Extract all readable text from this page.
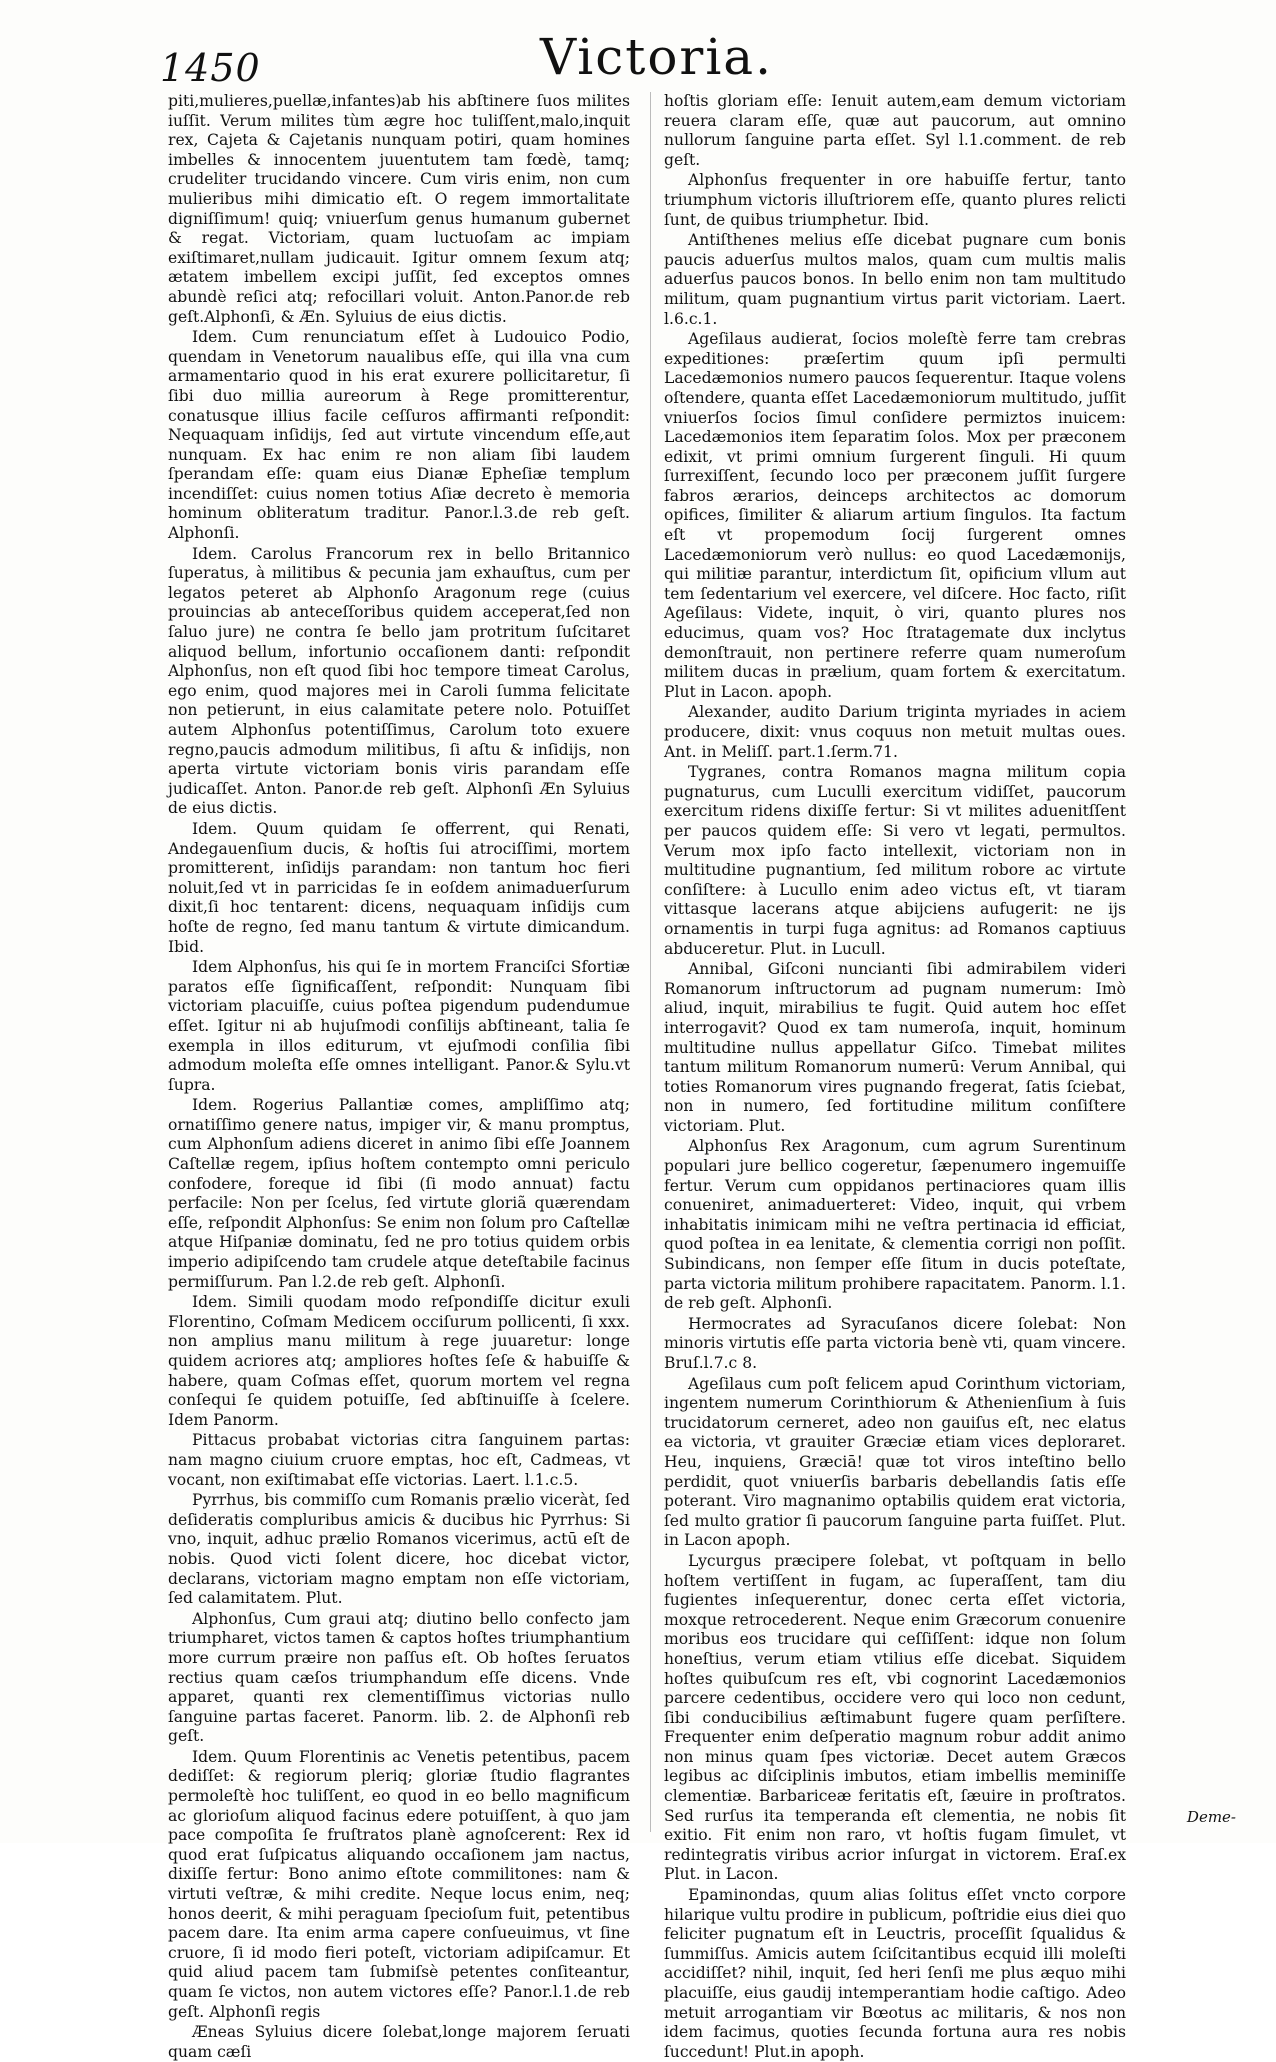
1450	Victoria.

piti,mulieres,puellæ,infantes)ab his abſtinere ſuos milites iuſſit. Verum milites tùm ægre hoc tuliſſent,malo,inquit rex, Cajeta & Cajetanis nunquam potiri, quam homines imbelles & innocentem juuentutem tam fœdè, tamq; crudeliter trucidando vincere. Cum viris enim, non cum mulieribus mihi dimicatio eſt. O regem immortalitate digniſſimum! quiq; vniuerſum genus humanum gubernet & regat. Victoriam, quam luctuoſam ac impiam exiſtimaret,nullam judicauit. Igitur omnem ſexum atq; ætatem imbellem excipi juſſit, ſed exceptos omnes abundè reſici atq; refocillari voluit. Anton.Panor.de reb geſt.Alphonſi, & Æn. Syluius de eius dictis.

Idem. Cum renunciatum eſſet à Ludouico Podio, quendam in Venetorum naualibus eſſe, qui illa vna cum armamentario quod in his erat exurere pollicitaretur, ſi ſibi duo millia aureorum à Rege promitterentur, conatusque illius facile ceſſuros affirmanti reſpondit: Nequaquam inſidijs, ſed aut virtute vincendum eſſe,aut nunquam. Ex hac enim re non aliam ſibi laudem ſperandam eſſe: quam eius Dianæ Epheſiæ templum incendiſſet: cuius nomen totius Aſiæ decreto è memoria hominum obliteratum traditur. Panor.l.3.de reb geſt. Alphonſi.

Idem. Carolus Francorum rex in bello Britannico ſuperatus, à militibus & pecunia jam exhauſtus, cum per legatos peteret ab Alphonſo Aragonum rege (cuius prouincias ab anteceſſoribus quidem acceperat,ſed non ſaluo jure) ne contra ſe bello jam protritum ſuſcitaret aliquod bellum, infortunio occaſionem danti: reſpondit Alphonſus, non eſt quod ſibi hoc tempore timeat Carolus, ego enim, quod majores mei in Caroli ſumma felicitate non petierunt, in eius calamitate petere nolo. Potuiſſet autem Alphonſus potentiſſimus, Carolum toto exuere regno,paucis admodum militibus, ſi aſtu & inſidijs, non aperta virtute victoriam bonis viris parandam eſſe judicaſſet. Anton. Panor.de reb geſt. Alphonſi Æn Syluius de eius dictis.

Idem. Quum quidam ſe offerrent, qui Renati, Andegauenſium ducis, & hoſtis ſui atrociſſimi, mortem promitterent, inſidijs parandam: non tantum hoc fieri noluit,ſed vt in parricidas ſe in eoſdem animaduerſurum dixit,ſi hoc tentarent: dicens, nequaquam inſidijs cum hoſte de regno, ſed manu tantum & virtute dimicandum. Ibid.

Idem Alphonſus, his qui ſe in mortem Franciſci Sfortiæ paratos eſſe ſignificaſſent, reſpondit: Nunquam ſibi victoriam placuiſſe, cuius poſtea pigendum pudendumue eſſet. Igitur ni ab hujuſmodi conſilijs abſtineant, talia ſe exempla in illos editurum, vt ejuſmodi conſilia ſibi admodum moleſta eſſe omnes intelligant. Panor.& Sylu.vt ſupra.

Idem. Rogerius Pallantiæ comes, ampliſſimo atq; ornatiſſimo genere natus, impiger vir, & manu promptus, cum Alphonſum adiens diceret in animo ſibi eſſe Joannem Caſtellæ regem, ipſius hoſtem contempto omni periculo confodere, foreque id ſibi (ſi modo annuat) factu perfacile: Non per ſcelus, ſed virtute gloriã quærendam eſſe, reſpondit Alphonſus: Se enim non ſolum pro Caſtellæ atque Hiſpaniæ dominatu, ſed ne pro totius quidem orbis imperio adipiſcendo tam crudele atque deteſtabile facinus permiſſurum. Pan l.2.de reb geſt. Alphonſi.

Idem. Simili quodam modo reſpondiſſe dicitur exuli Florentino, Coſmam Medicem occiſurum pollicenti, ſi xxx. non amplius manu militum à rege juuaretur: longe quidem acriores atq; ampliores hoſtes ſeſe & habuiſſe & habere, quam Coſmas eſſet, quorum mortem vel regna conſequi ſe quidem potuiſſe, ſed abſtinuiſſe à ſcelere. Idem Panorm.

Pittacus probabat victorias citra ſanguinem partas: nam magno ciuium cruore emptas, hoc eſt, Cadmeas, vt vocant, non exiſtimabat eſſe victorias. Laert. l.1.c.5.

Pyrrhus, bis commiſſo cum Romanis prælio viceràt, ſed deſideratis compluribus amicis & ducibus hic Pyrrhus: Si vno, inquit, adhuc prælio Romanos vicerimus, actū eſt de nobis. Quod victi ſolent dicere, hoc dicebat victor, declarans, victoriam magno emptam non eſſe victoriam, ſed calamitatem. Plut.

Alphonſus, Cum graui atq; diutino bello confecto jam triumpharet, victos tamen & captos hoſtes triumphantium more currum præire non paſſus eſt. Ob hoſtes ſeruatos rectius quam cæſos triumphandum eſſe dicens. Vnde apparet, quanti rex clementiſſimus victorias nullo ſanguine partas faceret. Panorm. lib. 2. de Alphonſi reb geſt.

Idem. Quum Florentinis ac Venetis petentibus, pacem dediſſet: & regiorum pleriq; gloriæ ſtudio flagrantes permoleſtè hoc tuliſſent, eo quod in eo bello magnificum ac glorioſum aliquod facinus edere potuiſſent, à quo jam pace compoſita ſe fruſtratos planè agnoſcerent: Rex id quod erat ſuſpicatus aliquando occaſionem jam nactus, dixiſſe fertur: Bono animo eſtote commilitones: nam & virtuti veſtræ, & mihi credite. Neque locus enim, neq; honos deerit, & mihi peraguam ſpecioſum fuit, petentibus pacem dare. Ita enim arma capere conſueuimus, vt ſine cruore, ſi id modo fieri poteſt, victoriam adipiſcamur. Et quid aliud pacem tam ſubmiſsè petentes conſiteantur, quam ſe victos, non autem victores eſſe? Panor.l.1.de reb geſt. Alphonſi regis

Æneas Syluius dicere ſolebat,longe majorem ſeruati quam cæſi

hoſtis gloriam eſſe: Ienuit autem,eam demum victoriam reuera claram eſſe, quæ aut paucorum, aut omnino nullorum ſanguine parta eſſet. Syl l.1.comment. de reb geſt.

Alphonſus frequenter in ore habuiſſe fertur, tanto triumphum victoris illuſtriorem eſſe, quanto plures relicti ſunt, de quibus triumphetur. Ibid.

Antiſthenes melius eſſe dicebat pugnare cum bonis paucis aduerſus multos malos, quam cum multis malis aduerſus paucos bonos. In bello enim non tam multitudo militum, quam pugnantium virtus parit victoriam. Laert. l.6.c.1.

Ageſilaus audierat, ſocios moleſtè ferre tam crebras expeditiones: præſertim quum ipſi permulti Lacedæmonios numero paucos ſequerentur. Itaque volens oſtendere, quanta eſſet Lacedæmoniorum multitudo, juſſit vniuerſos ſocios ſimul conſidere permiztos inuicem: Lacedæmonios item ſeparatim ſolos. Mox per præconem edixit, vt primi omnium ſurgerent ſinguli. Hi quum ſurrexiſſent, ſecundo loco per præconem juſſit ſurgere fabros ærarios, deinceps architectos ac domorum opifices, ſimiliter & aliarum artium ſingulos. Ita factum eſt vt propemodum ſocij ſurgerent omnes Lacedæmoniorum verò nullus: eo quod Lacedæmonijs, qui militiæ parantur, interdictum ſit, opificium vllum aut tem ſedentarium vel exercere, vel diſcere. Hoc facto, riſit Ageſilaus: Videte, inquit, ò viri, quanto plures nos educimus, quam vos? Hoc ſtratagemate dux inclytus demonſtrauit, non pertinere referre quam numeroſum militem ducas in prælium, quam fortem & exercitatum. Plut in Lacon. apoph.

Alexander, audito Darium triginta myriades in aciem producere, dixit: vnus coquus non metuit multas oues. Ant. in Meliſſ. part.1.ſerm.71.

Tygranes, contra Romanos magna militum copia pugnaturus, cum Luculli exercitum vidiſſet, paucorum exercitum ridens dixiſſe fertur: Si vt milites aduenitſſent per paucos quidem eſſe: Si vero vt legati, permultos. Verum mox ipſo facto intellexit, victoriam non in multitudine pugnantium, ſed militum robore ac virtute conſiſtere: à Lucullo enim adeo victus eſt, vt tiaram vittasque lacerans atque abijciens aufugerit: ne ijs ornamentis in turpi fuga agnitus: ad Romanos captiuus abduceretur. Plut. in Lucull.

Annibal, Giſconi nuncianti ſibi admirabilem videri Romanorum inſtructorum ad pugnam numerum: Imò aliud, inquit, mirabilius te fugit. Quid autem hoc eſſet interrogavit? Quod ex tam numeroſa, inquit, hominum multitudine nullus appellatur Giſco. Timebat milites tantum militum Romanorum numerū: Verum Annibal, qui toties Romanorum vires pugnando fregerat, ſatis ſciebat, non in numero, ſed fortitudine militum conſiſtere victoriam. Plut.

Alphonſus Rex Aragonum, cum agrum Surentinum populari jure bellico cogeretur, ſæpenumero ingemuiſſe fertur. Verum cum oppidanos pertinaciores quam illis conueniret, animaduerteret: Video, inquit, qui vrbem inhabitatis inimicam mihi ne veſtra pertinacia id efficiat, quod poſtea in ea lenitate, & clementia corrigi non poſſit. Subindicans, non ſemper eſſe ſitum in ducis poteſtate, parta victoria militum prohibere rapacitatem. Panorm. l.1. de reb geſt. Alphonſi.

Hermocrates ad Syracuſanos dicere ſolebat: Non minoris virtutis eſſe parta victoria benè vti, quam vincere. Bruſ.l.7.c 8.

Ageſilaus cum poſt felicem apud Corinthum victoriam, ingentem numerum Corinthiorum & Athenienſium à ſuis trucidatorum cerneret, adeo non gauiſus eſt, nec elatus ea victoria, vt grauiter Græciæ etiam vices deploraret. Heu, inquiens, Græciā! quæ tot viros inteſtino bello perdidit, quot vniuerſis barbaris debellandis ſatis eſſe poterant. Viro magnanimo optabilis quidem erat victoria, ſed multo gratior ſi paucorum ſanguine parta fuiſſet. Plut. in Lacon apoph.

Lycurgus præcipere ſolebat, vt poſtquam in bello hoſtem vertiſſent in fugam, ac ſuperaſſent, tam diu fugientes inſequerentur, donec certa eſſet victoria, moxque retrocederent. Neque enim Græcorum conuenire moribus eos trucidare qui ceſſiſſent: idque non ſolum honeſtius, verum etiam vtilius eſſe dicebat. Siquidem hoſtes quibuſcum res eſt, vbi cognorint Lacedæmonios parcere cedentibus, occidere vero qui loco non cedunt, ſibi conducibilius æſtimabunt fugere quam perſiſtere. Frequenter enim deſperatio magnum robur addit animo non minus quam ſpes victoriæ. Decet autem Græcos legibus ac diſciplinis imbutos, etiam imbellis meminiſſe clementiæ. Barbariceæ feritatis eſt, ſæuire in proſtratos. Sed rurſus ita temperanda eſt clementia, ne nobis ſit exitio. Fit enim non raro, vt hoſtis fugam ſimulet, vt redintegratis viribus acrior inſurgat in victorem. Eraſ.ex Plut. in Lacon.

Epaminondas, quum alias ſolitus eſſet vncto corpore hilarique vultu prodire in publicum, poſtridie eius diei quo feliciter pugnatum eſt in Leuctris, proceſſit ſqualidus & ſummiſſus. Amicis autem ſciſcitantibus ecquid illi moleſti accidiſſet? nihil, inquit, ſed heri ſenſi me plus æquo mihi placuiſſe, eius gaudij intemperantiam hodie caſtigo. Adeo metuit arrogantiam vir Bœotus ac militaris, & nos non idem facimus, quoties ſecunda fortuna aura res nobis ſuccedunt! Plut.in apoph.

Deme-
